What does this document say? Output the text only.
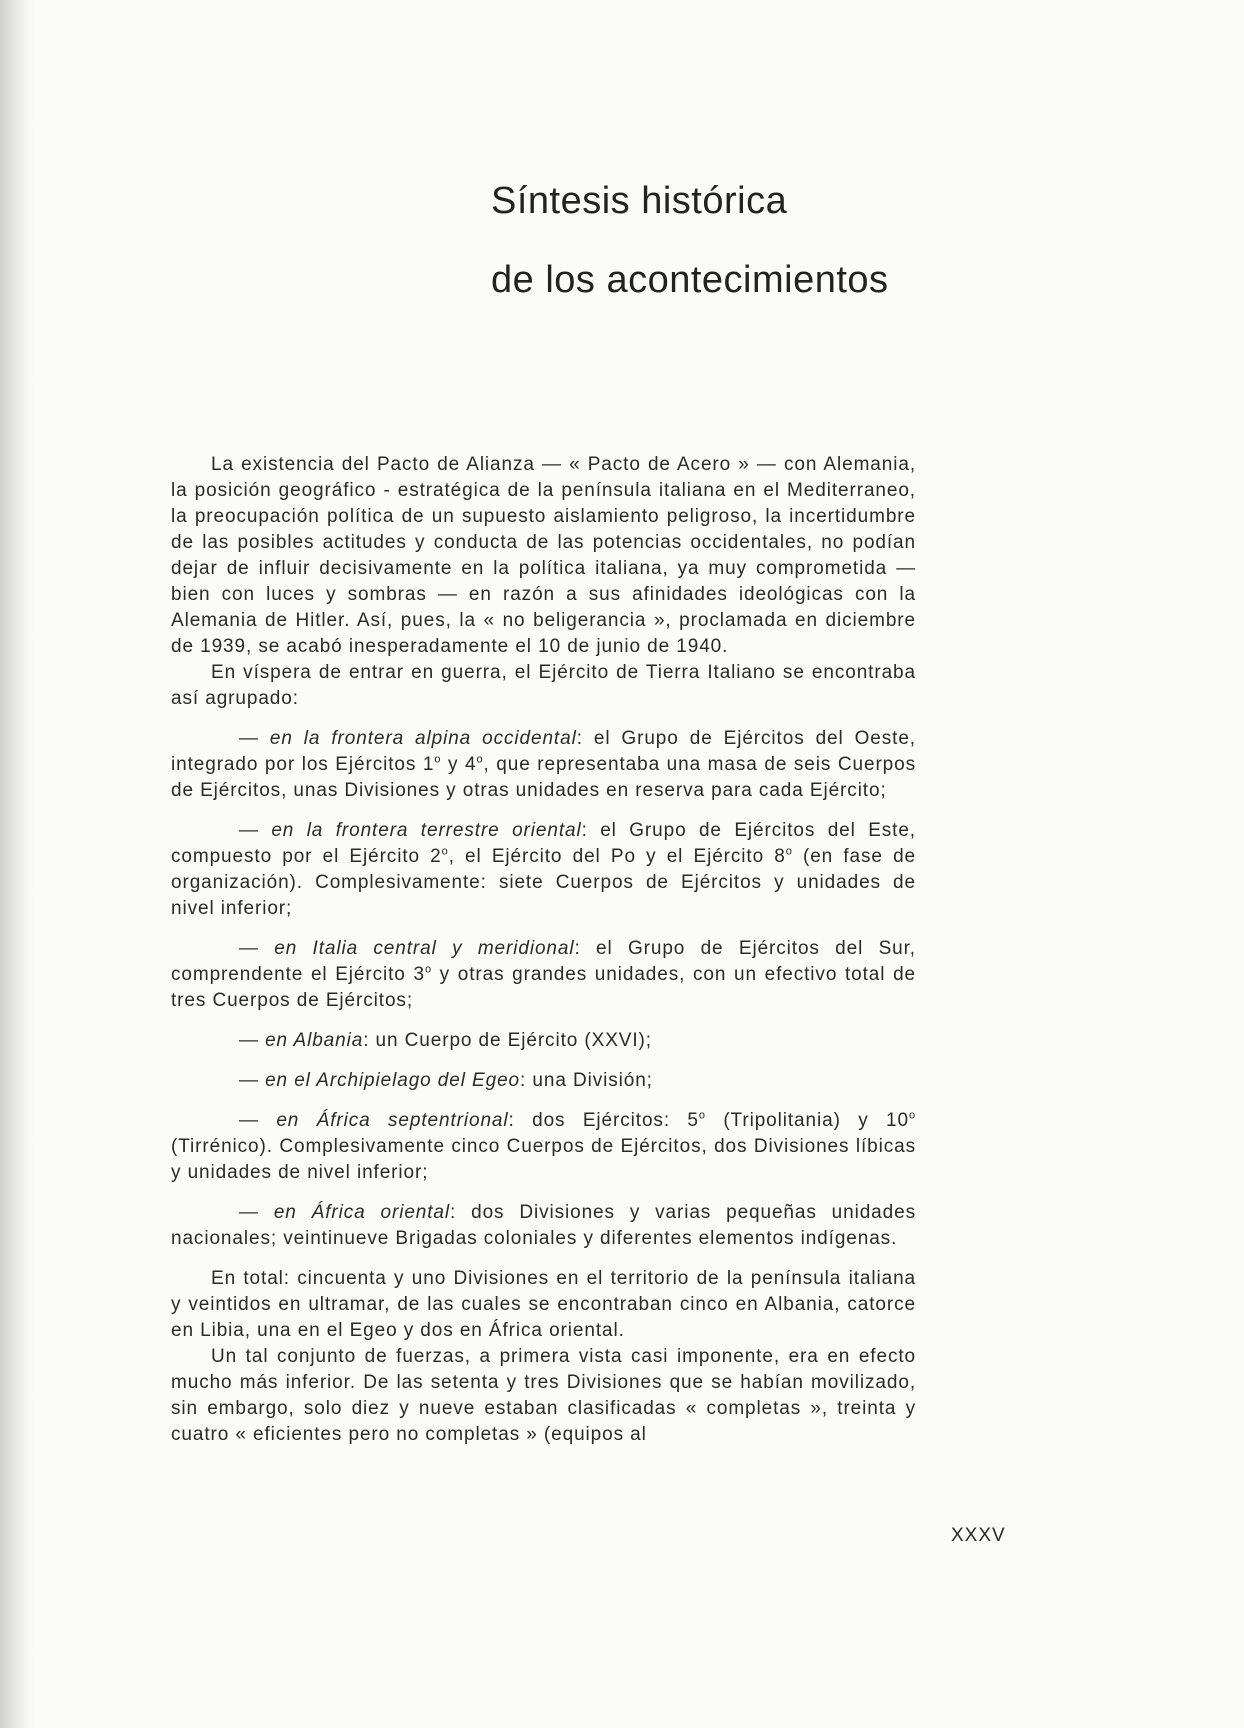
Síntesis histórica
de los acontecimientos

La existencia del Pacto de Alianza — « Pacto de Acero » — con Alemania, la posición geográfico - estratégica de la península italiana en el Mediterraneo, la preocupación política de un supuesto aislamiento peligroso, la incertidumbre de las posibles actitudes y conducta de las potencias occidentales, no podían dejar de influir decisivamente en la política italiana, ya muy comprometida — bien con luces y sombras — en razón a sus afinidades ideológicas con la Alemania de Hitler. Así, pues, la « no beligerancia », proclamada en diciembre de 1939, se acabó inesperadamente el 10 de junio de 1940.

En víspera de entrar en guerra, el Ejército de Tierra Italiano se encontraba así agrupado:

— en la frontera alpina occidental: el Grupo de Ejércitos del Oeste, integrado por los Ejércitos 1$^o$ y 4$^o$, que representaba una masa de seis Cuerpos de Ejércitos, unas Divisiones y otras unidades en reserva para cada Ejército;

— en la frontera terrestre oriental: el Grupo de Ejércitos del Este, compuesto por el Ejército 2$^o$, el Ejército del Po y el Ejército 8$^o$ (en fase de organización). Complesivamente: siete Cuerpos de Ejércitos y unidades de nivel inferior;

— en Italia central y meridional: el Grupo de Ejércitos del Sur, comprendente el Ejército 3$^o$ y otras grandes unidades, con un efectivo total de tres Cuerpos de Ejércitos;

— en Albania: un Cuerpo de Ejército (XXVI);

— en el Archipielago del Egeo: una División;

— en África septentrional: dos Ejércitos: 5$^o$ (Tripolitania) y 10$^o$ (Tirrénico). Complesivamente cinco Cuerpos de Ejércitos, dos Divisiones líbicas y unidades de nivel inferior;

— en África oriental: dos Divisiones y varias pequeñas unidades nacionales; veintinueve Brigadas coloniales y diferentes elementos indígenas.

En total: cincuenta y uno Divisiones en el territorio de la península italiana y veintidos en ultramar, de las cuales se encontraban cinco en Albania, catorce en Libia, una en el Egeo y dos en África oriental.

Un tal conjunto de fuerzas, a primera vista casi imponente, era en efecto mucho más inferior. De las setenta y tres Divisiones que se habían movilizado, sin embargo, solo diez y nueve estaban clasificadas « completas », treinta y cuatro « eficientes pero no completas » (equipos al

XXXV
